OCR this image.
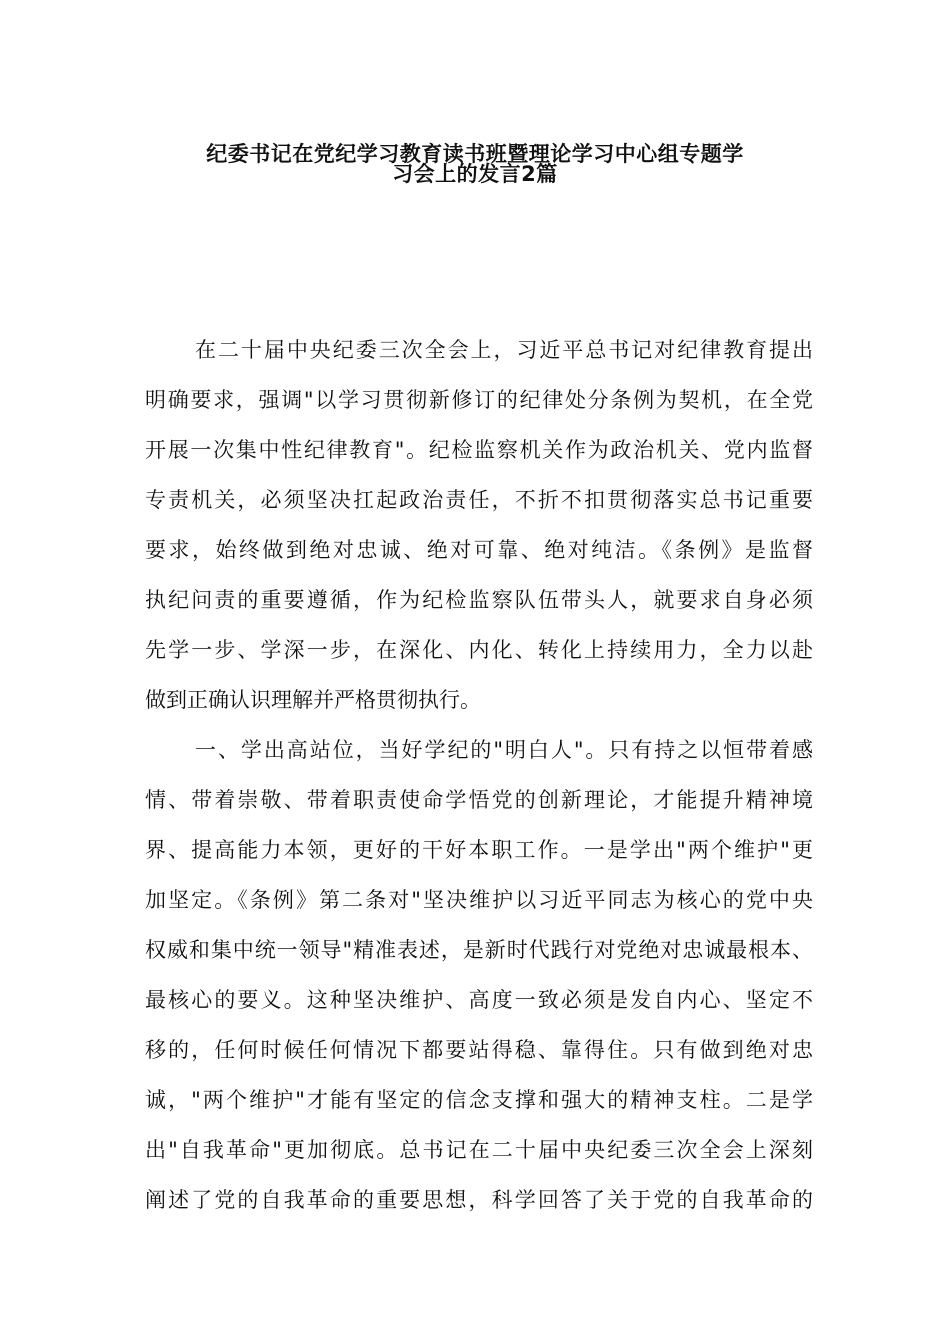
纪委书记在党纪学习教育读书班暨理论学习中心组专题学
习会上的发言2篇
在二十届中央纪委三次全会上，习近平总书记对纪律教育提出
明确要求，强调"以学习贯彻新修订的纪律处分条例为契机，在全党
开展一次集中性纪律教育"。纪检监察机关作为政治机关、党内监督
专责机关，必须坚决扛起政治责任，不折不扣贯彻落实总书记重要
要求，始终做到绝对忠诚、绝对可靠、绝对纯洁。《条例》是监督
执纪问责的重要遵循，作为纪检监察队伍带头人，就要求自身必须
先学一步、学深一步，在深化、内化、转化上持续用力，全力以赴
做到正确认识理解并严格贯彻执行。
一、学出高站位，当好学纪的"明白人"。只有持之以恒带着感
情、带着崇敬、带着职责使命学悟党的创新理论，才能提升精神境
界、提高能力本领，更好的干好本职工作。一是学出"两个维护"更
加坚定。《条例》第二条对"坚决维护以习近平同志为核心的党中央
权威和集中统一领导"精准表述，是新时代践行对党绝对忠诚最根本、
最核心的要义。这种坚决维护、高度一致必须是发自内心、坚定不
移的，任何时候任何情况下都要站得稳、靠得住。只有做到绝对忠
诚，"两个维护"才能有坚定的信念支撑和强大的精神支柱。二是学
出"自我革命"更加彻底。总书记在二十届中央纪委三次全会上深刻
阐述了党的自我革命的重要思想，科学回答了关于党的自我革命的
